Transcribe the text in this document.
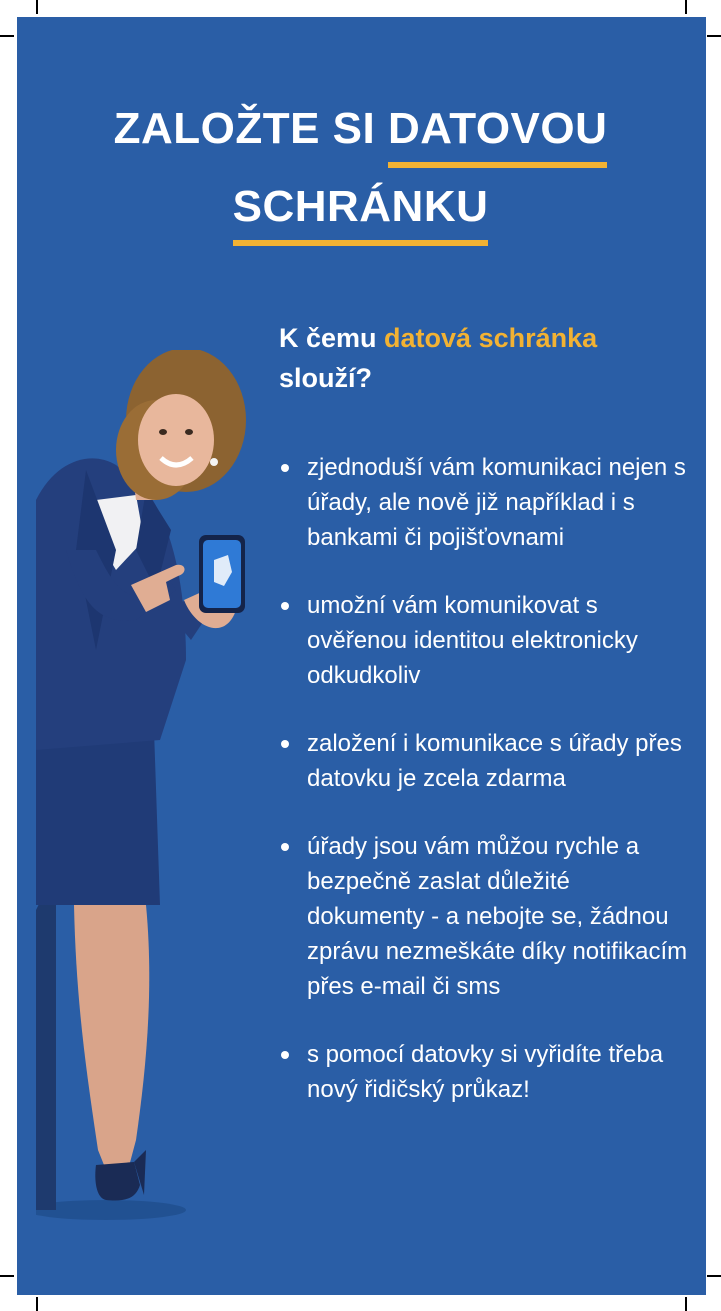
ZALOŽTE SI DATOVOU
SCHRÁNKU
K čemu datová schránka
slouží?
zjednoduší vám komunikaci nejen s úřady, ale nově již například i s bankami či pojišťovnami
umožní vám komunikovat s ověřenou identitou elektronicky odkudkoliv
založení i komunikace s úřady přes datovku je zcela zdarma
úřady jsou vám můžou rychle a bezpečně zaslat důležité dokumenty - a nebojte se, žádnou zprávu nezmeškáte díky notifikacím přes e-mail či sms
s pomocí datovky si vyřidíte třeba nový řidičský průkaz!
